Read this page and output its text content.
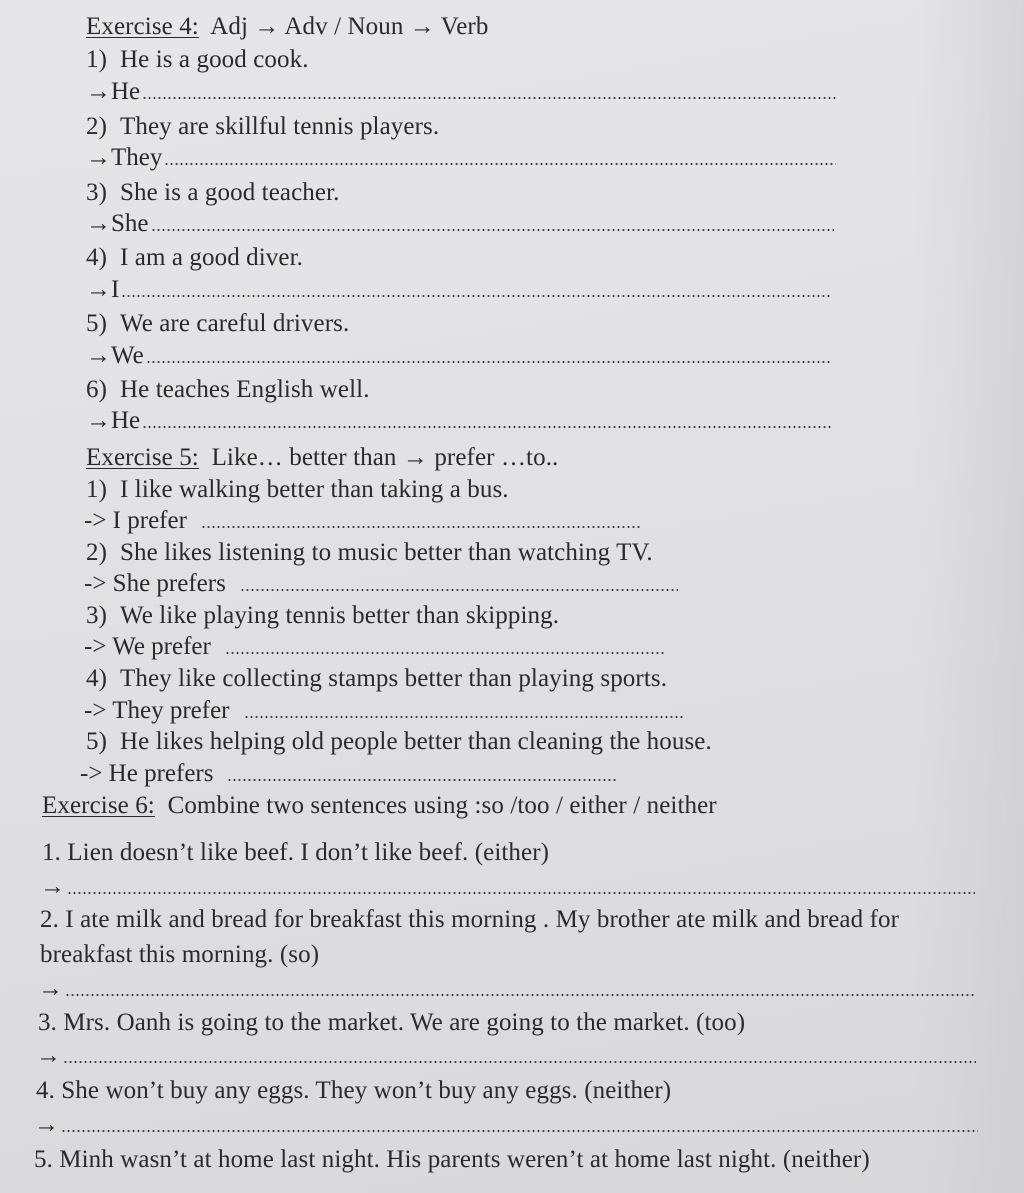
Exercise 4: Adj → Adv / Noun → Verb
1) He is a good cook.
→He
2) They are skillful tennis players.
→They
3) She is a good teacher.
→She
4) I am a good diver.
→I
5) We are careful drivers.
→We
6) He teaches English well.
→He
Exercise 5: Like… better than → prefer …to..
1) I like walking better than taking a bus.
-> I prefer
2) She likes listening to music better than watching TV.
-> She prefers
3) We like playing tennis better than skipping.
-> We prefer
4) They like collecting stamps better than playing sports.
-> They prefer
5) He likes helping old people better than cleaning the house.
-> He prefers
Exercise 6: Combine two sentences using :so /too / either / neither
1. Lien doesn’t like beef. I don’t like beef. (either)
→
2. I ate milk and bread for breakfast this morning . My brother ate milk and bread for
breakfast this morning. (so)
→
3. Mrs. Oanh is going to the market. We are going to the market. (too)
→
4. She won’t buy any eggs. They won’t buy any eggs. (neither)
→
5. Minh wasn’t at home last night. His parents weren’t at home last night. (neither)
